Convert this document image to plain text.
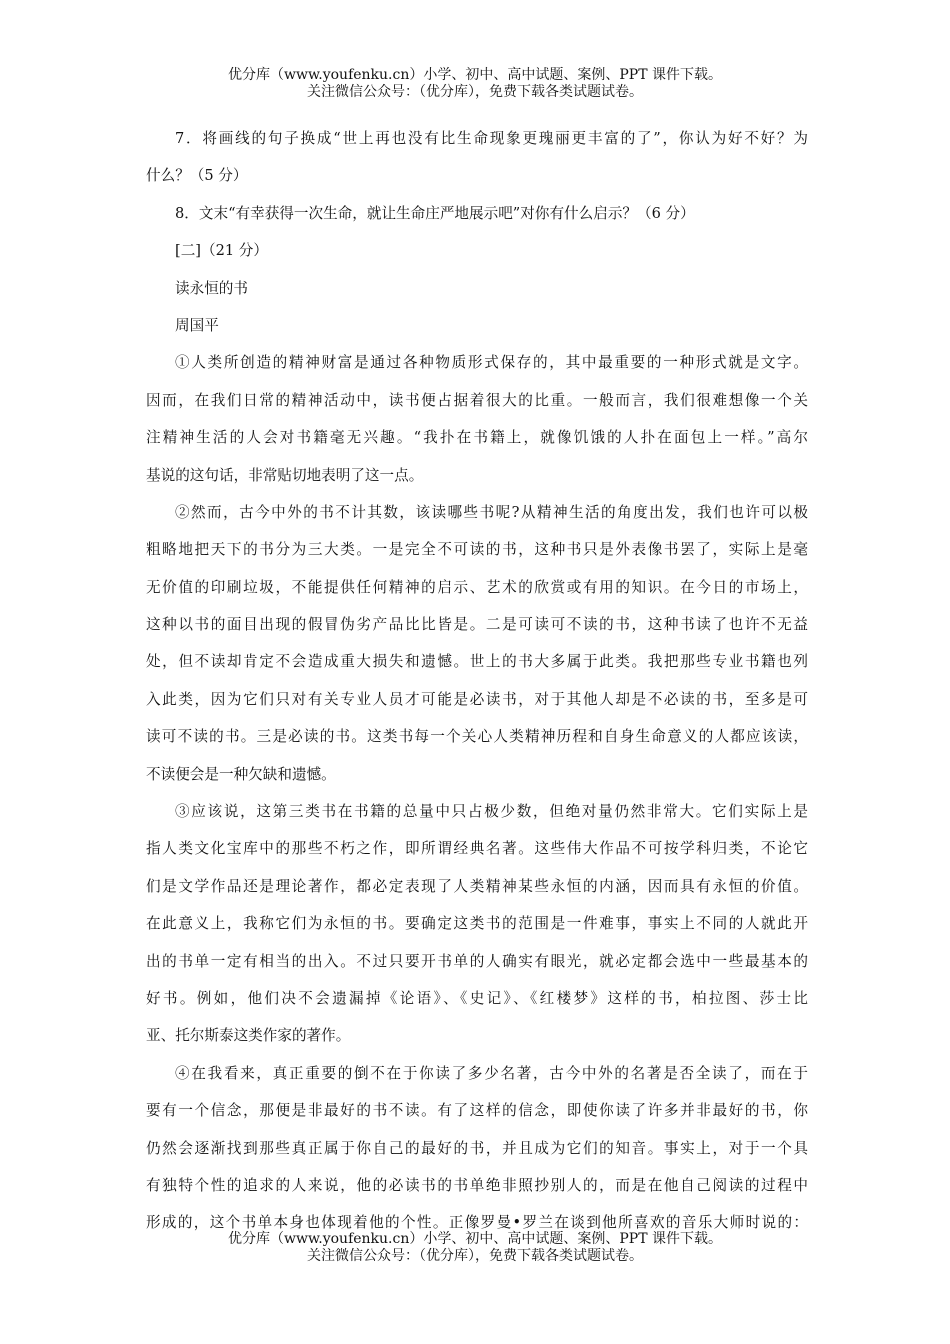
优分库（www.youfenku.cn）小学、初中、高中试题、案例、PPT 课件下载。
关注微信公众号：（优分库），免费下载各类试题试卷。
7．将画线的句子换成“世上再也没有比生命现象更瑰丽更丰富的了”，你认为好不好？为
什么？（5 分）
8．文末“有幸获得一次生命，就让生命庄严地展示吧”对你有什么启示？（6 分）
[二]（21 分）
读永恒的书
周国平
①人类所创造的精神财富是通过各种物质形式保存的，其中最重要的一种形式就是文字。
因而，在我们日常的精神活动中，读书便占据着很大的比重。一般而言，我们很难想像一个关
注精神生活的人会对书籍毫无兴趣。“我扑在书籍上，就像饥饿的人扑在面包上一样。”高尔
基说的这句话，非常贴切地表明了这一点。
②然而，古今中外的书不计其数，该读哪些书呢?从精神生活的角度出发，我们也许可以极
粗略地把天下的书分为三大类。一是完全不可读的书，这种书只是外表像书罢了，实际上是毫
无价值的印刷垃圾，不能提供任何精神的启示、艺术的欣赏或有用的知识。在今日的市场上，
这种以书的面目出现的假冒伪劣产品比比皆是。二是可读可不读的书，这种书读了也许不无益
处，但不读却肯定不会造成重大损失和遗憾。世上的书大多属于此类。我把那些专业书籍也列
入此类，因为它们只对有关专业人员才可能是必读书，对于其他人却是不必读的书，至多是可
读可不读的书。三是必读的书。这类书每一个关心人类精神历程和自身生命意义的人都应该读，
不读便会是一种欠缺和遗憾。
③应该说，这第三类书在书籍的总量中只占极少数，但绝对量仍然非常大。它们实际上是
指人类文化宝库中的那些不朽之作，即所谓经典名著。这些伟大作品不可按学科归类，不论它
们是文学作品还是理论著作，都必定表现了人类精神某些永恒的内涵，因而具有永恒的价值。
在此意义上，我称它们为永恒的书。要确定这类书的范围是一件难事，事实上不同的人就此开
出的书单一定有相当的出入。不过只要开书单的人确实有眼光，就必定都会选中一些最基本的
好书。例如，他们决不会遗漏掉《论语》、《史记》、《红楼梦》这样的书，柏拉图、莎士比
亚、托尔斯泰这类作家的著作。
④在我看来，真正重要的倒不在于你读了多少名著，古今中外的名著是否全读了，而在于
要有一个信念，那便是非最好的书不读。有了这样的信念，即使你读了许多并非最好的书，你
仍然会逐渐找到那些真正属于你自己的最好的书，并且成为它们的知音。事实上，对于一个具
有独特个性的追求的人来说，他的必读书的书单绝非照抄别人的，而是在他自己阅读的过程中
形成的，这个书单本身也体现着他的个性。正像罗曼•罗兰在谈到他所喜欢的音乐大师时说的：
优分库（www.youfenku.cn）小学、初中、高中试题、案例、PPT 课件下载。
关注微信公众号：（优分库），免费下载各类试题试卷。
